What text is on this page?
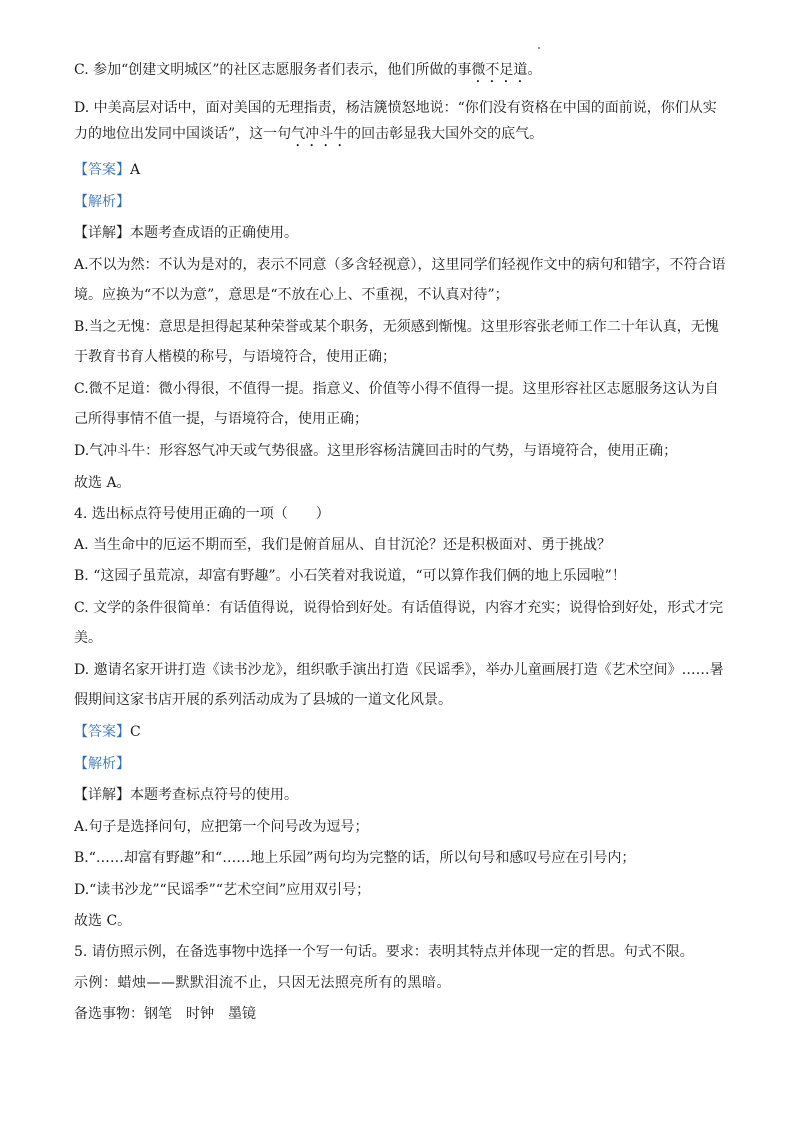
C. 参加“创建文明城区”的社区志愿服务者们表示，他们所做的事微不足道。
D. 中美高层对话中，面对美国的无理指责，杨洁篪愤怒地说：“你们没有资格在中国的面前说，你们从实
力的地位出发同中国谈话”，这一句气冲斗牛的回击彰显我大国外交的底气。
【答案】A
【解析】
【详解】本题考查成语的正确使用。
A.不以为然：不认为是对的，表示不同意（多含轻视意），这里同学们轻视作文中的病句和错字，不符合语
境。应换为“不以为意”，意思是“不放在心上、不重视，不认真对待”；
B.当之无愧：意思是担得起某种荣誉或某个职务，无须感到惭愧。这里形容张老师工作二十年认真，无愧
于教育书育人楷模的称号，与语境符合，使用正确；
C.微不足道：微小得很，不值得一提。指意义、价值等小得不值得一提。这里形容社区志愿服务这认为自
己所得事情不值一提，与语境符合，使用正确；
D.气冲斗牛：形容怒气冲天或气势很盛。这里形容杨洁篪回击时的气势，与语境符合，使用正确；
故选 A。
4. 选出标点符号使用正确的一项（　　）
A. 当生命中的厄运不期而至，我们是俯首屈从、自甘沉沦？还是积极面对、勇于挑战？
B. “这园子虽荒凉，却富有野趣”。小石笑着对我说道，“可以算作我们俩的地上乐园啦”！
C. 文学的条件很简单：有话值得说，说得恰到好处。有话值得说，内容才充实；说得恰到好处，形式才完
美。
D. 邀请名家开讲打造《读书沙龙》，组织歌手演出打造《民谣季》，举办儿童画展打造《艺术空间》……暑
假期间这家书店开展的系列活动成为了县城的一道文化风景。
【答案】C
【解析】
【详解】本题考查标点符号的使用。
A.句子是选择问句，应把第一个问号改为逗号；
B.“……却富有野趣”和“……地上乐园”两句均为完整的话，所以句号和感叹号应在引号内；
D.“读书沙龙”“民谣季”“艺术空间”应用双引号；
故选 C。
5. 请仿照示例，在备选事物中选择一个写一句话。要求：表明其特点并体现一定的哲思。句式不限。
示例：蜡烛——默默泪流不止，只因无法照亮所有的黑暗。
备选事物：钢笔　时钟　墨镜
